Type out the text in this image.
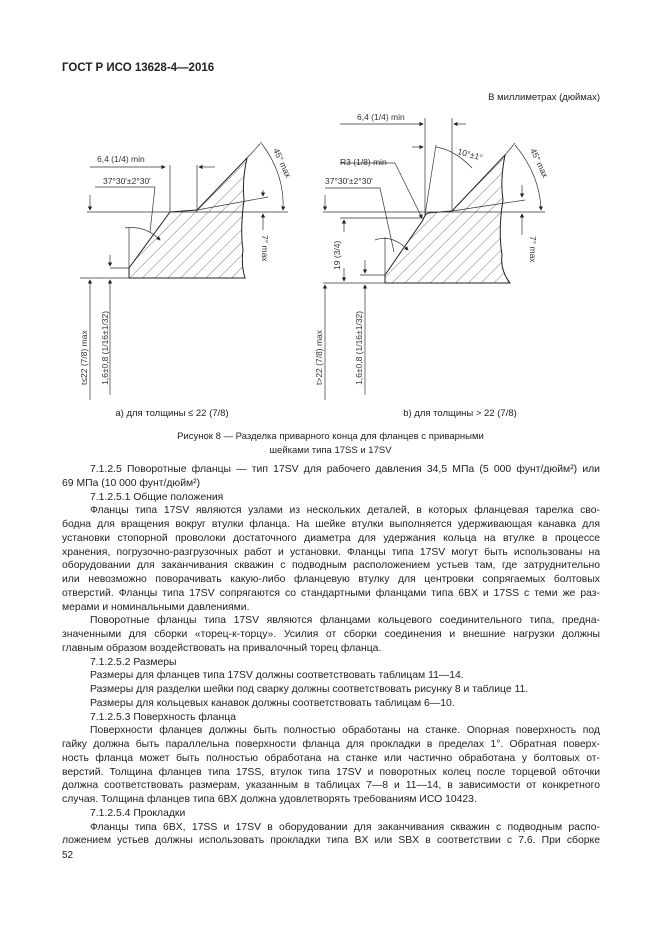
ГОСТ Р ИСО 13628-4—2016
В миллиметрах (дюймах)
6,4 (1/4) min
37°30'±2°30'
45° max
7° max
t≤22 (7/8) max 1,6±0,8 (1/16±1/32)
6,4 (1/4) min
R3 (1/8) min
37°30'±2°30'
10°±1°	45° max
7° max
19 (3/4)
t>22 (7/8) max	1,6±0,8 (1/16±1/32)
а) для толщины ≤ 22 (7/8)	b) для толщины > 22 (7/8)
Рисунок 8 — Разделка приварного конца для фланцев с приварными
шейками типа 17SS и 17SV
7.1.2.5 Поворотные фланцы — тип 17SV для рабочего давления 34,5 МПа (5 000 фунт/дюйм²) или
69 МПа (10 000 фунт/дюйм²)
7.1.2.5.1 Общие положения
Фланцы типа 17SV являются узлами из нескольких деталей, в которых фланцевая тарелка сво-
бодна для вращения вокруг втулки фланца. На шейке втулки выполняется удерживающая канавка для
установки стопорной проволоки достаточного диаметра для удержания кольца на втулке в процессе
хранения, погрузочно-разгрузочных работ и установки. Фланцы типа 17SV могут быть использованы на
оборудовании для заканчивания скважин с подводным расположением устьев там, где затруднительно
или невозможно поворачивать какую-либо фланцевую втулку для центровки сопрягаемых болтовых
отверстий. Фланцы типа 17SV сопрягаются со стандартными фланцами типа 6BX и 17SS с теми же раз-
мерами и номинальными давлениями.
Поворотные фланцы типа 17SV являются фланцами кольцевого соединительного типа, предна-
значенными для сборки «торец-к-торцу». Усилия от сборки соединения и внешние нагрузки должны
главным образом воздействовать на привалочный торец фланца.
7.1.2.5.2 Размеры
Размеры для фланцев типа 17SV должны соответствовать таблицам 11—14.
Размеры для разделки шейки под сварку должны соответствовать рисунку 8 и таблице 11.
Размеры для кольцевых канавок должны соответствовать таблицам 6—10.
7.1.2.5.3 Поверхность фланца
Поверхности фланцев должны быть полностью обработаны на станке. Опорная поверхность под
гайку должна быть параллельна поверхности фланца для прокладки в пределах 1°. Обратная поверх-
ность фланца может быть полностью обработана на станке или частично обработана у болтовых от-
верстий. Толщина фланцев типа 17SS, втулок типа 17SV и поворотных колец после торцевой обточки
должна соответствовать размерам, указанным в таблицах 7—8 и 11—14, в зависимости от конкретного
случая. Толщина фланцев типа 6BX должна удовлетворять требованиям ИСО 10423.
7.1.2.5.4 Прокладки
Фланцы типа 6BX, 17SS и 17SV в оборудовании для заканчивания скважин с подводным распо-
ложением устьев должны использовать прокладки типа BX или SBX в соответствии с 7.6. При сборке
52
